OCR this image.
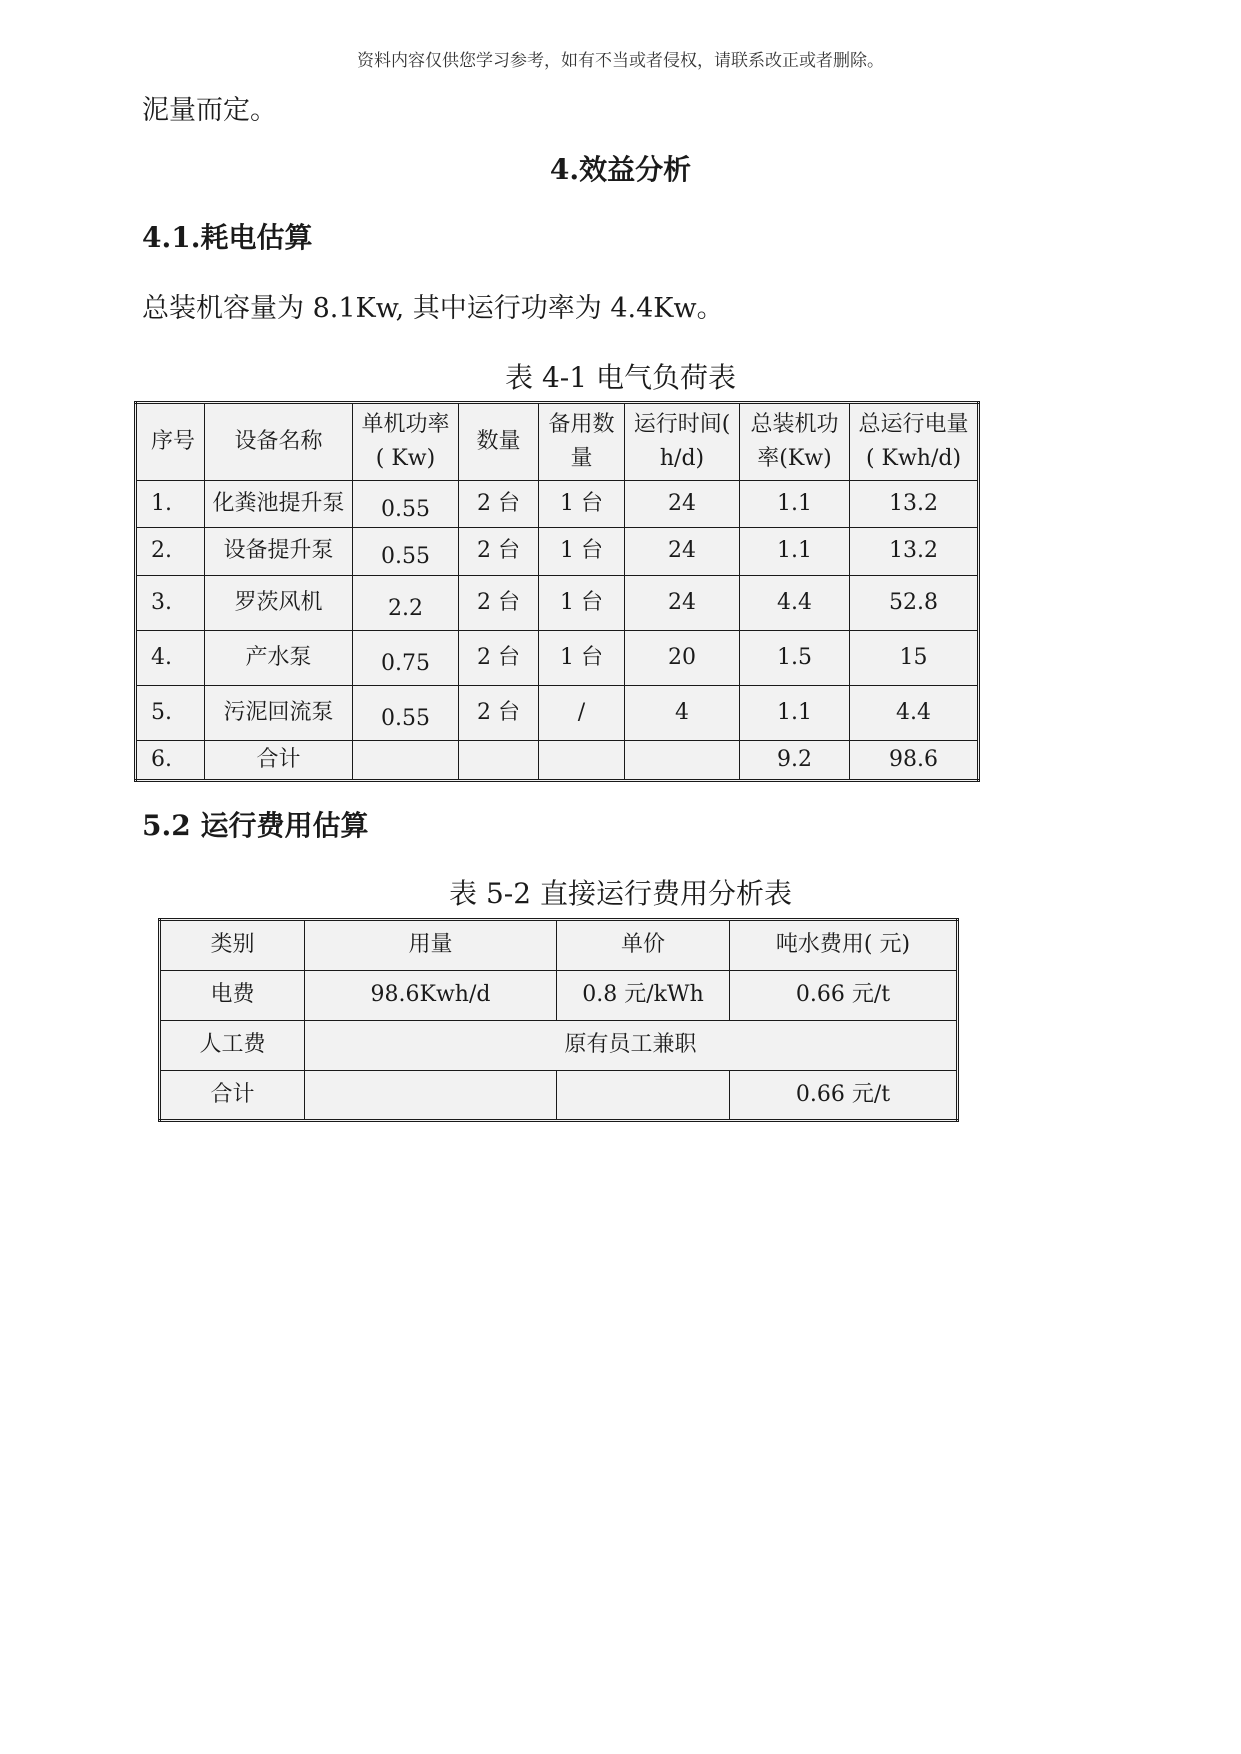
资料内容仅供您学习参考，如有不当或者侵权，请联系改正或者删除。
泥量而定。
4.效益分析
4.1.耗电估算
总装机容量为 8.1Kw, 其中运行功率为 4.4Kw。
表 4-1 电气负荷表
序号	设备名称	单机功率( Kw)	数量	备用数量	运行时间( h/d)	总装机功率(Kw)	总运行电量( Kwh/d)
1.	化粪池提升泵	0.55	2 台	1 台	24	1.1	13.2
2.	设备提升泵	0.55	2 台	1 台	24	1.1	13.2
3.	罗茨风机	2.2	2 台	1 台	24	4.4	52.8
4.	产水泵	0.75	2 台	1 台	20	1.5	15
5.	污泥回流泵	0.55	2 台	/	4	1.1	4.4
6.	合计					9.2	98.6
5.2 运行费用估算
表 5-2 直接运行费用分析表
类别	用量	单价	吨水费用( 元)
电费	98.6Kwh/d	0.8 元/kWh	0.66 元/t
人工费	原有员工兼职		
合计			0.66 元/t
